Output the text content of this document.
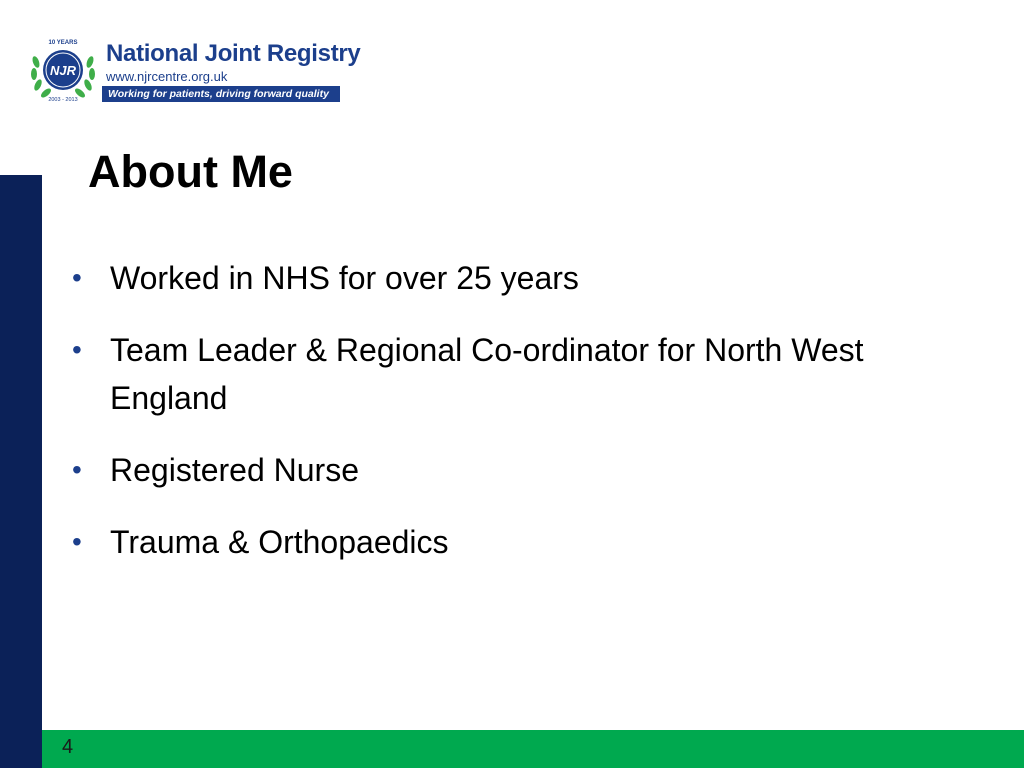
4
NJR
10 YEARS
2003 - 2013
National Joint Registry
www.njrcentre.org.uk
Working for patients, driving forward quality
About Me
• Worked in NHS for over 25 years
• Team Leader & Regional Co-ordinator for North West England
• Registered Nurse
• Trauma & Orthopaedics
